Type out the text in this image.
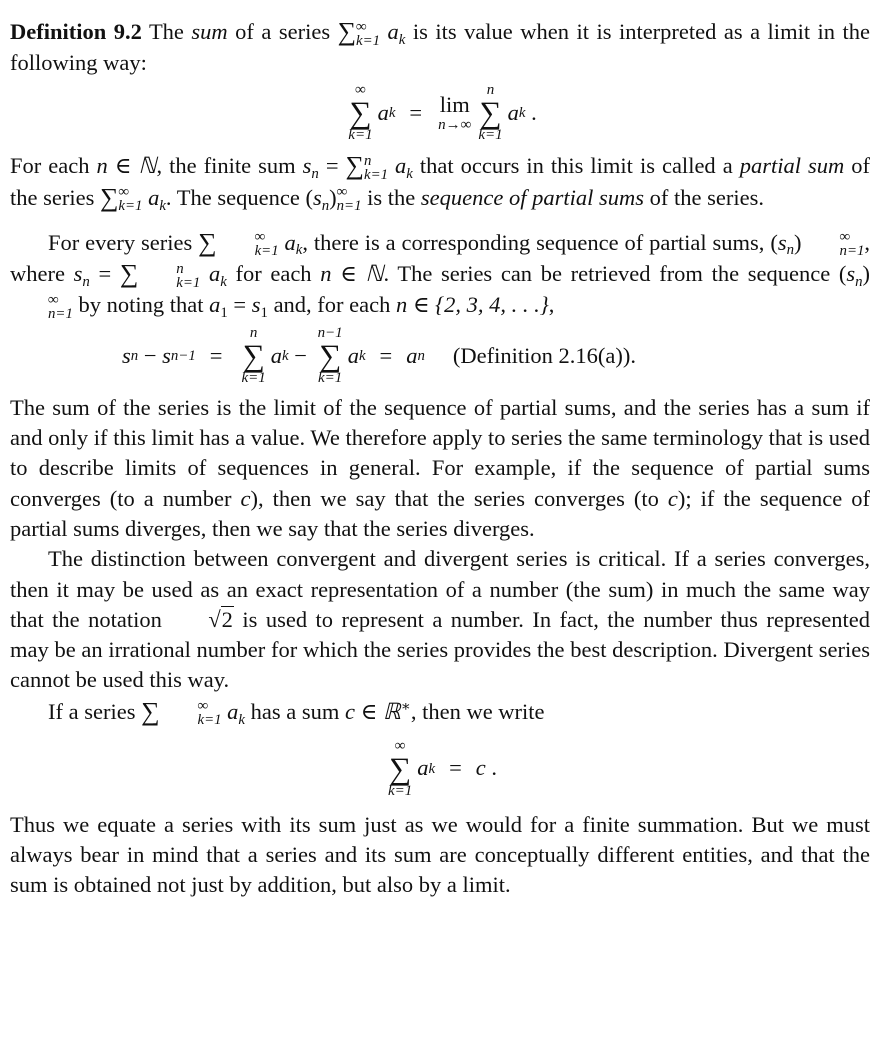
Definition 9.2 The sum of a series ∑ ∞
k=1 $a_k$ is its value when it is interpreted as a limit in the following way:

∞
∑
k=1
a k = lim
n→∞
n
∑
k=1
a k
.

For each n ∈ ℕ, the finite sum $s_n$ = ∑ n
k=1 $a_k$ that occurs in this limit is called a partial sum of the series ∑ ∞
k=1 $a_k$. The sequence $(s_n)$ ∞
n=1 is the sequence of partial sums of the series.

For every series ∑	∞
k=1 $a_k$, there is a corresponding sequence of partial sums, $(s_n)$	∞
n=1 , where $s_n$ = ∑	n
k=1 $a_k$ for each n ∈ ℕ. The series can be retrieved from the sequence $(s_n)$
∞
n=1 by noting that $a_1 = s_1$ and, for each n ∈ {2, 3, 4, . . .},

s n − s n−1 =
n
∑
k=1
a k −
n−1
∑
k=1
a k = a n (Definition 2.16(a)).

The sum of the series is the limit of the sequence of partial sums, and the series has a sum if and only if this limit has a value. We therefore apply to series the same terminology that is used to describe limits of sequences in general. For example, if the sequence of partial sums converges (to a number c), then we say that the series converges (to c); if the sequence of partial sums diverges, then we say that the series diverges.

The distinction between convergent and divergent series is critical. If a series converges, then it may be used as an exact representation of a number (the sum) in much the same way that the notation √2 is used to represent a number. In fact, the number thus represented may be an irrational number for which the series provides the best description. Divergent series cannot be used this way.

If a series ∑	∞
k=1 $a_k$ has a sum c ∈ ℝ∗, then we write

∞
∑
k=1
a k = c
.

Thus we equate a series with its sum just as we would for a finite summation. But we must always bear in mind that a series and its sum are conceptually different entities, and that the sum is obtained not just by addition, but also by a limit.
